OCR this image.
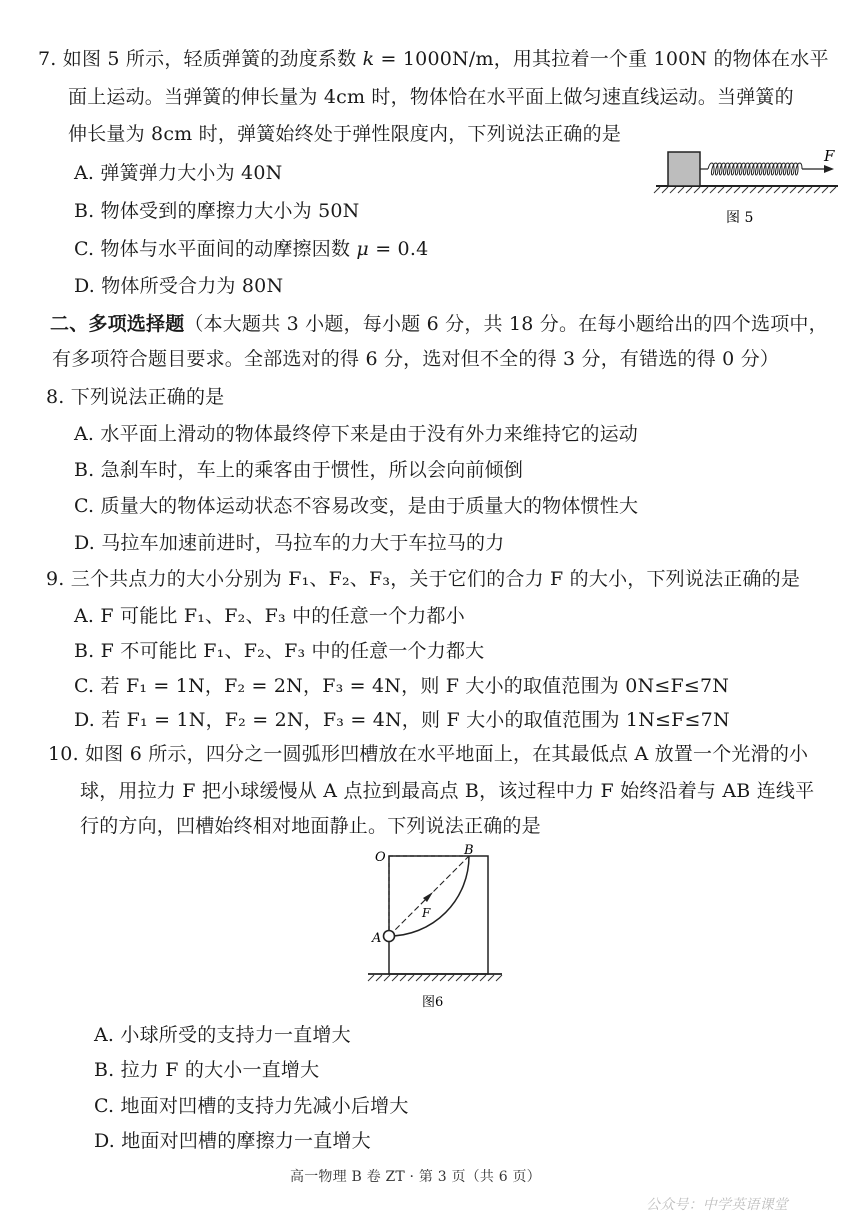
7. 如图 5 所示，轻质弹簧的劲度系数 k = 1000N/m，用其拉着一个重 100N 的物体在水平
面上运动。当弹簧的伸长量为 4cm 时，物体恰在水平面上做匀速直线运动。当弹簧的
伸长量为 8cm 时，弹簧始终处于弹性限度内，下列说法正确的是
A. 弹簧弹力大小为 40N
B. 物体受到的摩擦力大小为 50N
C. 物体与水平面间的动摩擦因数 μ = 0.4
D. 物体所受合力为 80N
F
图 5
二、多项选择题（本大题共 3 小题，每小题 6 分，共 18 分。在每小题给出的四个选项中，
有多项符合题目要求。全部选对的得 6 分，选对但不全的得 3 分，有错选的得 0 分）
8. 下列说法正确的是
A. 水平面上滑动的物体最终停下来是由于没有外力来维持它的运动
B. 急刹车时，车上的乘客由于惯性，所以会向前倾倒
C. 质量大的物体运动状态不容易改变，是由于质量大的物体惯性大
D. 马拉车加速前进时，马拉车的力大于车拉马的力
9. 三个共点力的大小分别为 F₁、F₂、F₃，关于它们的合力 F 的大小，下列说法正确的是
A. F 可能比 F₁、F₂、F₃ 中的任意一个力都小
B. F 不可能比 F₁、F₂、F₃ 中的任意一个力都大
C. 若 F₁ = 1N，F₂ = 2N，F₃ = 4N，则 F 大小的取值范围为 0N≤F≤7N
D. 若 F₁ = 1N，F₂ = 2N，F₃ = 4N，则 F 大小的取值范围为 1N≤F≤7N
10. 如图 6 所示，四分之一圆弧形凹槽放在水平地面上，在其最低点 A 放置一个光滑的小
球，用拉力 F 把小球缓慢从 A 点拉到最高点 B，该过程中力 F 始终沿着与 AB 连线平
行的方向，凹槽始终相对地面静止。下列说法正确的是
O	B
A
F
图6
A. 小球所受的支持力一直增大
B. 拉力 F 的大小一直增大
C. 地面对凹槽的支持力先减小后增大
D. 地面对凹槽的摩擦力一直增大
高一物理 B 卷 ZT · 第 3 页（共 6 页）
公众号：中学英语课堂
